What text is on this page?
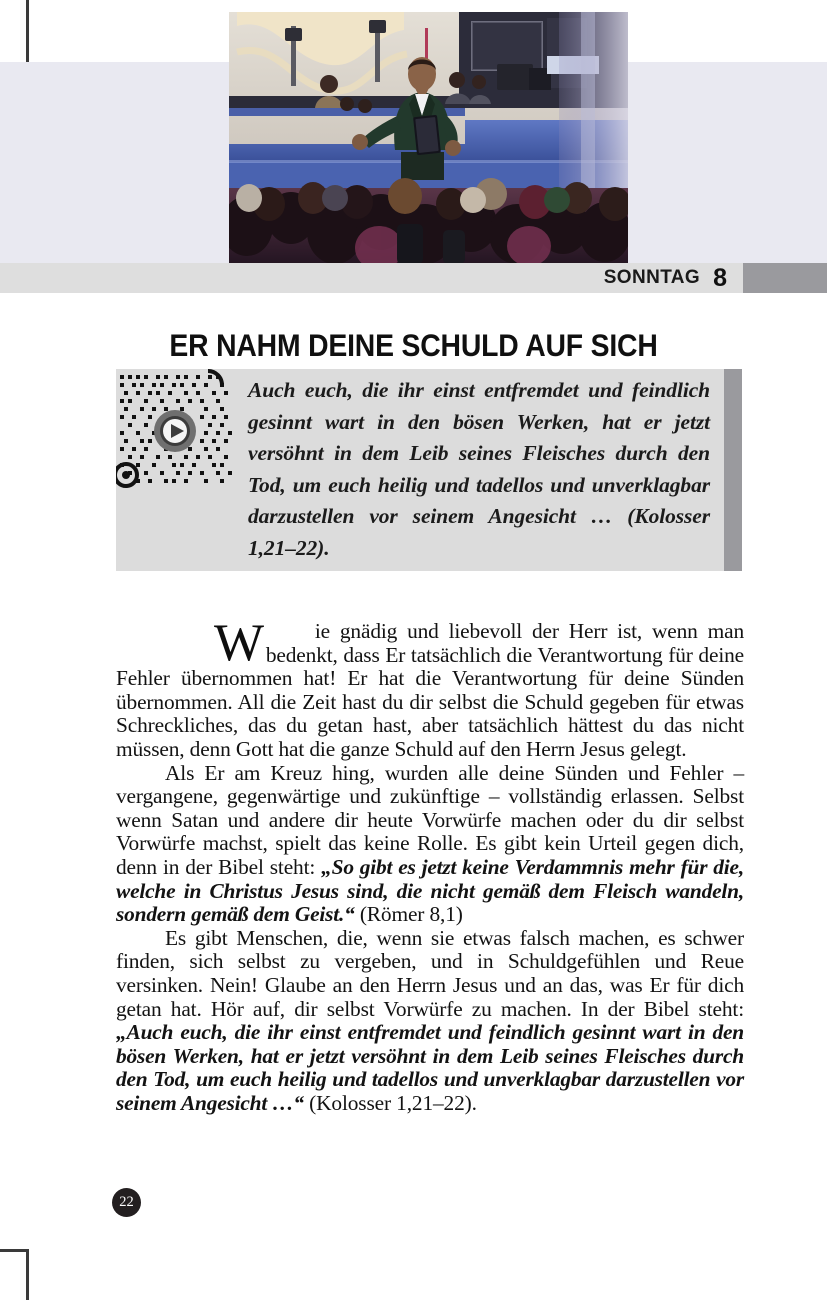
SONNTAG 8
ER NAHM DEINE SCHULD AUF SICH
Auch euch, die ihr einst entfremdet und feindlich gesinnt wart in den bösen Werken, hat er jetzt versöhnt in dem Leib seines Fleisches durch den Tod, um euch heilig und tadellos und unverklagbar darzustellen vor seinem Angesicht … (Kolosser 1,21–22).

W ie gnädig und liebevoll der Herr ist, wenn man bedenkt, dass Er tatsächlich die Verantwortung für deine Fehler übernommen hat! Er hat die Verantwortung für deine Sünden übernommen. All die Zeit hast du dir selbst die Schuld gegeben für etwas Schreckliches, das du getan hast, aber tatsächlich hättest du das nicht müssen, denn Gott hat die ganze Schuld auf den Herrn Jesus gelegt.

Als Er am Kreuz hing, wurden alle deine Sünden und Fehler – vergangene, gegenwärtige und zukünftige – vollständig erlassen. Selbst wenn Satan und andere dir heute Vorwürfe machen oder du dir selbst Vorwürfe machst, spielt das keine Rolle. Es gibt kein Urteil gegen dich, denn in der Bibel steht: „So gibt es jetzt keine Verdammnis mehr für die, welche in Christus Jesus sind, die nicht gemäß dem Fleisch wandeln, sondern gemäß dem Geist.“ (Römer 8,1)

Es gibt Menschen, die, wenn sie etwas falsch machen, es schwer finden, sich selbst zu vergeben, und in Schuldgefühlen und Reue versinken. Nein! Glaube an den Herrn Jesus und an das, was Er für dich getan hat. Hör auf, dir selbst Vorwürfe zu machen. In der Bibel steht: „Auch euch, die ihr einst entfremdet und feindlich gesinnt wart in den bösen Werken, hat er jetzt versöhnt in dem Leib seines Fleisches durch den Tod, um euch heilig und tadellos und unverklagbar darzustellen vor seinem Angesicht …“ (Kolosser 1,21–22).

22
